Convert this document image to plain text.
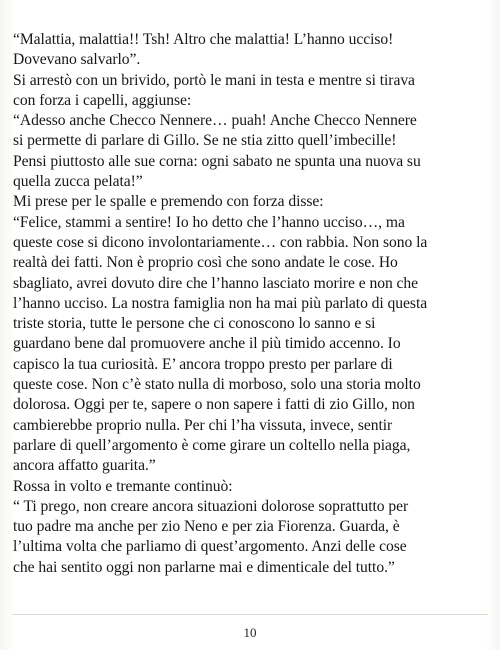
“Malattia, malattia!! Tsh! Altro che malattia! L’hanno ucciso!
Dovevano salvarlo”.
Si arrestò con un brivido, portò le mani in testa e mentre si tirava
con forza i capelli, aggiunse:
“Adesso anche Checco Nennere… puah! Anche Checco Nennere
si permette di parlare di Gillo. Se ne stia zitto quell’imbecille!
Pensi piuttosto alle sue corna: ogni sabato ne spunta una nuova su
quella zucca pelata!”
Mi prese per le spalle e premendo con forza disse:
“Felice, stammi a sentire! Io ho detto che l’hanno ucciso…, ma
queste cose si dicono involontariamente… con rabbia. Non sono la
realtà dei fatti. Non è proprio così che sono andate le cose. Ho
sbagliato, avrei dovuto dire che l’hanno lasciato morire e non che
l’hanno ucciso. La nostra famiglia non ha mai più parlato di questa
triste storia, tutte le persone che ci conoscono lo sanno e si
guardano bene dal promuovere anche il più timido accenno. Io
capisco la tua curiosità. E’ ancora troppo presto per parlare di
queste cose. Non c’è stato nulla di morboso, solo una storia molto
dolorosa. Oggi per te, sapere o non sapere i fatti di zio Gillo, non
cambierebbe proprio nulla. Per chi l’ha vissuta, invece, sentir
parlare di quell’argomento è come girare un coltello nella piaga,
ancora affatto guarita.”
Rossa in volto e tremante continuò:
“ Ti prego, non creare ancora situazioni dolorose soprattutto per
tuo padre ma anche per zio Neno e per zia Fiorenza. Guarda, è
l’ultima volta che parliamo di quest’argomento. Anzi delle cose
che hai sentito oggi non parlarne mai e dimenticale del tutto.”
10
